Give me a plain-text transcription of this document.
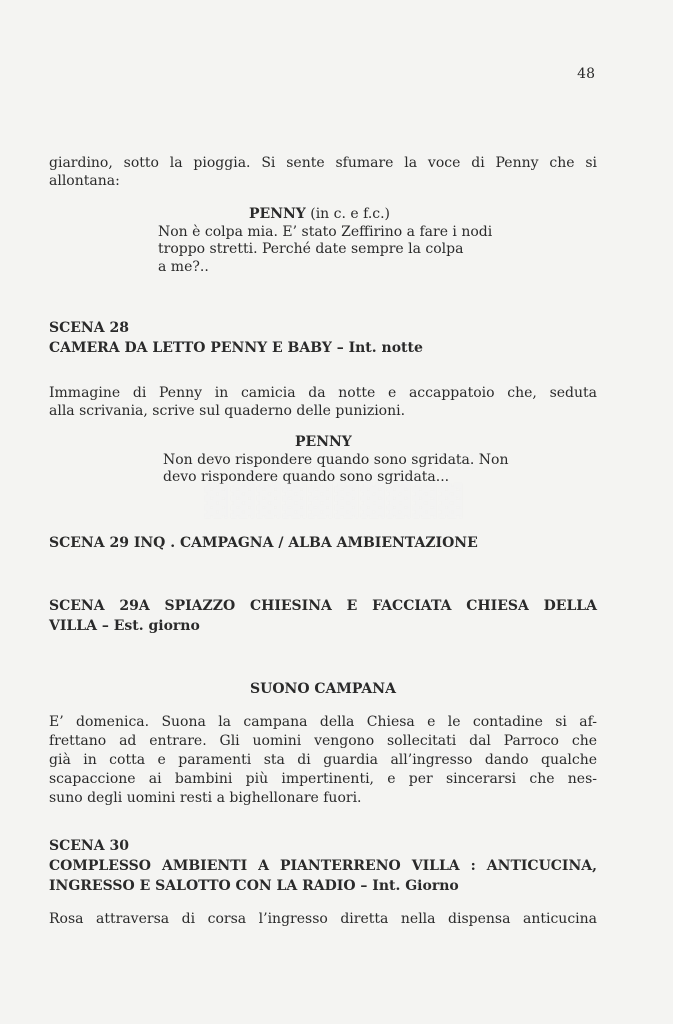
48
giardino, sotto la pioggia. Si sente sfumare la voce di Penny che si
allontana:
PENNY (in c. e f.c.)
Non è colpa mia. E’ stato Zeffirino a fare i nodi
troppo stretti. Perché date sempre la colpa
a me?..
SCENA 28
CAMERA DA LETTO PENNY E BABY – Int. notte
Immagine di Penny in camicia da notte e accappatoio che, seduta
alla scrivania, scrive sul quaderno delle punizioni.
PENNY
Non devo rispondere quando sono sgridata. Non
devo rispondere quando sono sgridata...
▓▓▓▓▓▓▓▓▓▓
SCENA 29 INQ . CAMPAGNA / ALBA AMBIENTAZIONE
SCENA 29A SPIAZZO CHIESINA E FACCIATA CHIESA DELLA
VILLA – Est. giorno
SUONO CAMPANA
E’ domenica. Suona la campana della Chiesa e le contadine si af-
frettano ad entrare. Gli uomini vengono sollecitati dal Parroco che
già in cotta e paramenti sta di guardia all’ingresso dando qualche
scapaccione ai bambini più impertinenti, e per sincerarsi che nes-
suno degli uomini resti a bighellonare fuori.
SCENA 30
COMPLESSO AMBIENTI A PIANTERRENO VILLA : ANTICUCINA,
INGRESSO E SALOTTO CON LA RADIO – Int. Giorno
Rosa attraversa di corsa l’ingresso diretta nella dispensa anticucina
